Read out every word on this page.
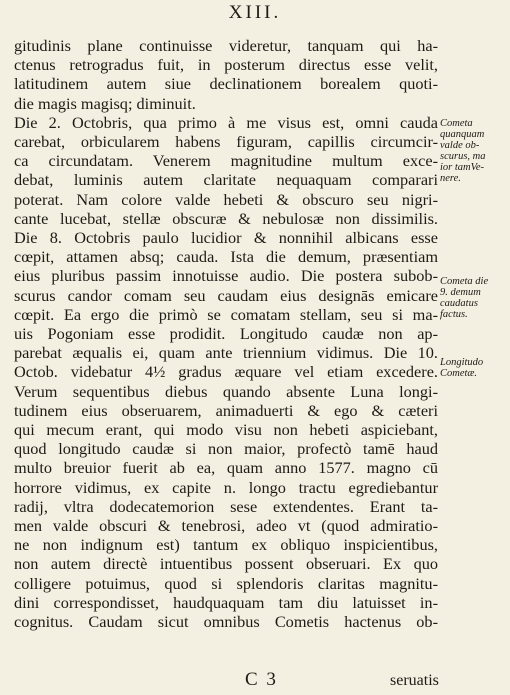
XIII.
gitudinis plane continuisse videretur, tanquam qui ha-
ctenus retrogradus fuit, in posterum directus esse velit,
latitudinem autem siue declinationem borealem quoti-
die magis magisq; diminuit.
Die 2. Octobris, qua primo à me visus est, omni cauda
carebat, orbicularem habens figuram, capillis circumcir-
ca circundatam. Venerem magnitudine multum exce-
debat, luminis autem claritate nequaquam comparari
poterat. Nam colore valde hebeti & obscuro seu nigri-
cante lucebat, stellæ obscuræ & nebulosæ non dissimilis.
Die 8. Octobris paulo lucidior & nonnihil albicans esse
cœpit, attamen absq; cauda. Ista die demum, præsentiam
eius pluribus passim innotuisse audio. Die postera subob-
scurus candor comam seu caudam eius designās emicare
cœpit. Ea ergo die primò se comatam stellam, seu si ma-
uis Pogoniam esse prodidit. Longitudo caudæ non ap-
parebat æqualis ei, quam ante triennium vidimus. Die 10.
Octob. videbatur 4½ gradus æquare vel etiam excedere.
Verum sequentibus diebus quando absente Luna longi-
tudinem eius obseruarem, animaduerti & ego & cæteri
qui mecum erant, qui modo visu non hebeti aspiciebant,
quod longitudo caudæ si non maior, profectò tamē haud
multo breuior fuerit ab ea, quam anno 1577. magno cū
horrore vidimus, ex capite n. longo tractu egrediebantur
radij, vltra dodecatemorion sese extendentes. Erant ta-
men valde obscuri & tenebrosi, adeo vt (quod admiratio-
ne non indignum est) tantum ex obliquo inspicientibus,
non autem directè intuentibus possent obseruari. Ex quo
colligere potuimus, quod si splendoris claritas magnitu-
dini correspondisset, haudquaquam tam diu latuisset in-
cognitus. Caudam sicut omnibus Cometis hactenus ob-
Cometa
quanquam
valde ob-
scurus, ma
ior tamVe-
nere.
Cometa die
9. demum
caudatus
factus.
Longitudo
Cometæ.
C 3	seruatis
